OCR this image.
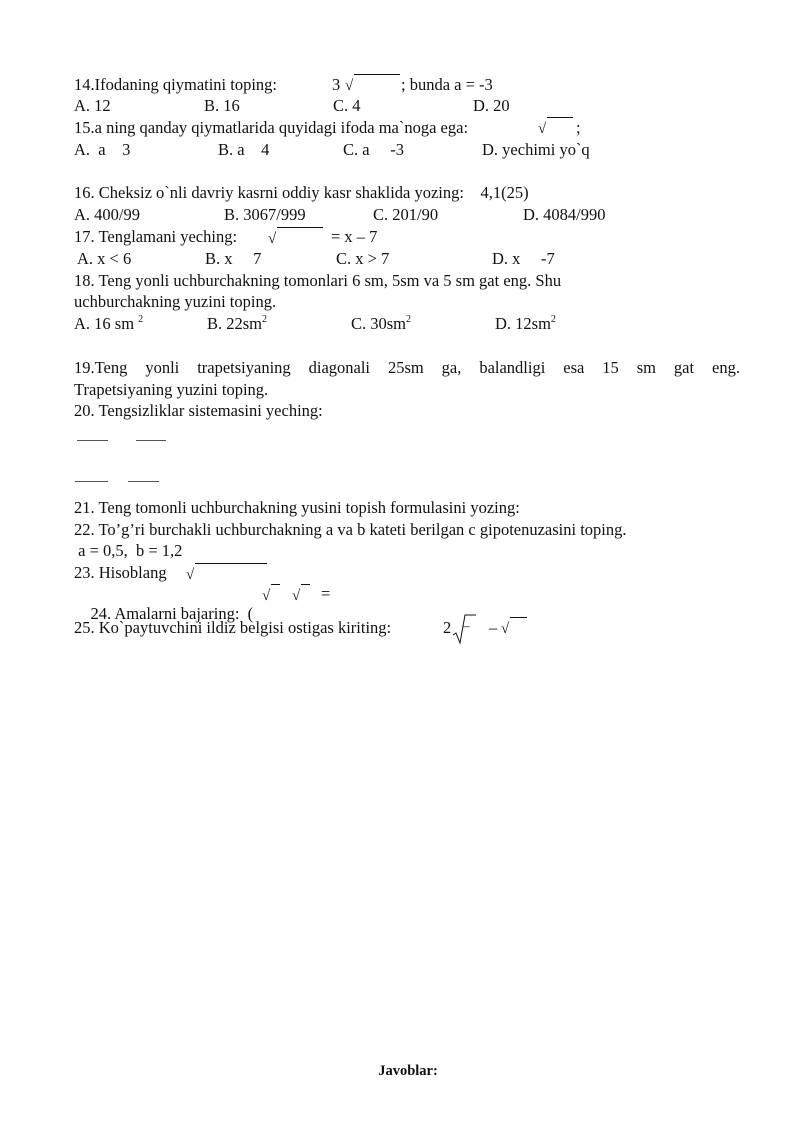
14.Ifodaning qiymatini toping:	3 √	; bunda a = -3
A. 12	B. 16	C. 4	D. 20
15.a ning qanday qiymatlarida quyidagi ifoda ma`noga ega:	√ ;
A.  a    3	B. a    4	C. a     -3	D. yechimi yo`q
16. Cheksiz o`nli davriy kasrni oddiy kasr shaklida yozing:    4,1(25)
A. 400/99	B. 3067/999	C. 201/90	D. 4084/990
17. Tenglamani yeching: √	= x – 7
A. x < 6	B. x     7	C. x > 7	D. x     -7
18. Teng yonli uchburchakning tomonlari 6 sm, 5sm va 5 sm gat eng. Shu
uchburchakning yuzini toping.
A. 16 sm $^2$	B. $22sm^2$	C. $30sm^2$	D. $12sm^2$
19.Teng yonli trapetsiyaning diagonali 25sm ga, balandligi esa 15 sm gat eng.
Trapetsiyaning yuzini toping.
20. Tengsizliklar sistemasini yeching:
21. Teng tomonli uchburchakning yusini topish formulasini yozing:
22. To’g’ri burchakli uchburchakning a va b kateti berilgan c gipotenuzasini toping.
a = 0,5,  b = 1,2
23. Hisoblang √

24. Amalarni bajaring:  (

√ √ =
25. Ko`paytuvchini ildiz belgisi ostigas kiriting:	2 – – √
Javoblar:
